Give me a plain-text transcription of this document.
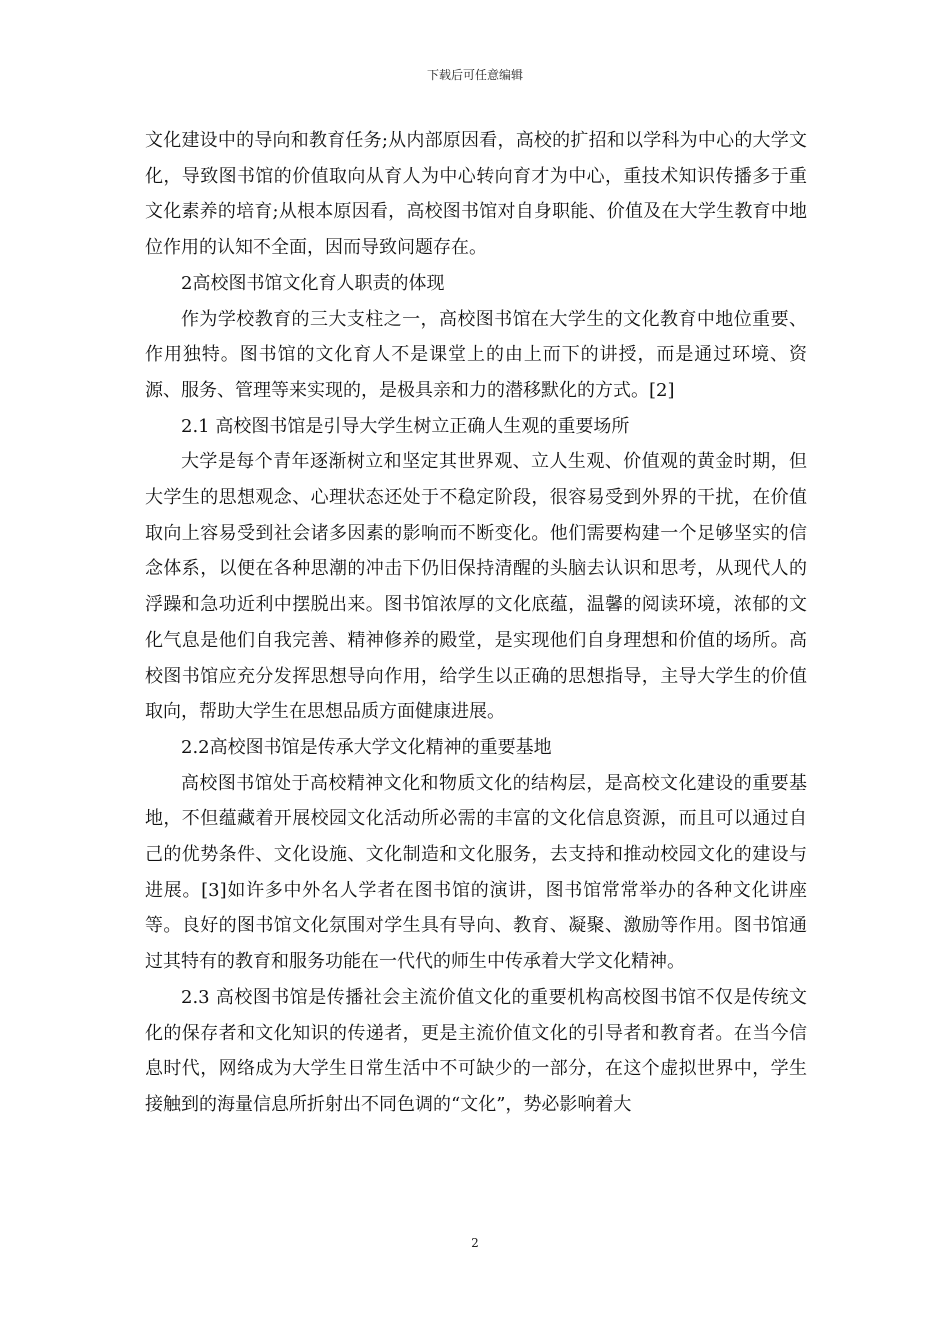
下载后可任意编辑

文化建设中的导向和教育任务;从内部原因看，高校的扩招和以学科为中心的大学文化，导致图书馆的价值取向从育人为中心转向育才为中心，重技术知识传播多于重文化素养的培育;从根本原因看，高校图书馆对自身职能、价值及在大学生教育中地位作用的认知不全面，因而导致问题存在。

2高校图书馆文化育人职责的体现

作为学校教育的三大支柱之一，高校图书馆在大学生的文化教育中地位重要、作用独特。图书馆的文化育人不是课堂上的由上而下的讲授，而是通过环境、资源、服务、管理等来实现的，是极具亲和力的潜移默化的方式。[2]

2.1 高校图书馆是引导大学生树立正确人生观的重要场所

大学是每个青年逐渐树立和坚定其世界观、立人生观、价值观的黄金时期，但大学生的思想观念、心理状态还处于不稳定阶段，很容易受到外界的干扰，在价值取向上容易受到社会诸多因素的影响而不断变化。他们需要构建一个足够坚实的信念体系，以便在各种思潮的冲击下仍旧保持清醒的头脑去认识和思考，从现代人的浮躁和急功近利中摆脱出来。图书馆浓厚的文化底蕴，温馨的阅读环境，浓郁的文化气息是他们自我完善、精神修养的殿堂，是实现他们自身理想和价值的场所。高校图书馆应充分发挥思想导向作用，给学生以正确的思想指导，主导大学生的价值取向，帮助大学生在思想品质方面健康进展。

2.2高校图书馆是传承大学文化精神的重要基地

高校图书馆处于高校精神文化和物质文化的结构层，是高校文化建设的重要基地，不但蕴藏着开展校园文化活动所必需的丰富的文化信息资源，而且可以通过自己的优势条件、文化设施、文化制造和文化服务，去支持和推动校园文化的建设与进展。[3]如许多中外名人学者在图书馆的演讲，图书馆常常举办的各种文化讲座等。良好的图书馆文化氛围对学生具有导向、教育、凝聚、激励等作用。图书馆通过其特有的教育和服务功能在一代代的师生中传承着大学文化精神。

2.3 高校图书馆是传播社会主流价值文化的重要机构高校图书馆不仅是传统文化的保存者和文化知识的传递者，更是主流价值文化的引导者和教育者。在当今信息时代，网络成为大学生日常生活中不可缺少的一部分，在这个虚拟世界中，学生接触到的海量信息所折射出不同色调的“文化”，势必影响着大

2
